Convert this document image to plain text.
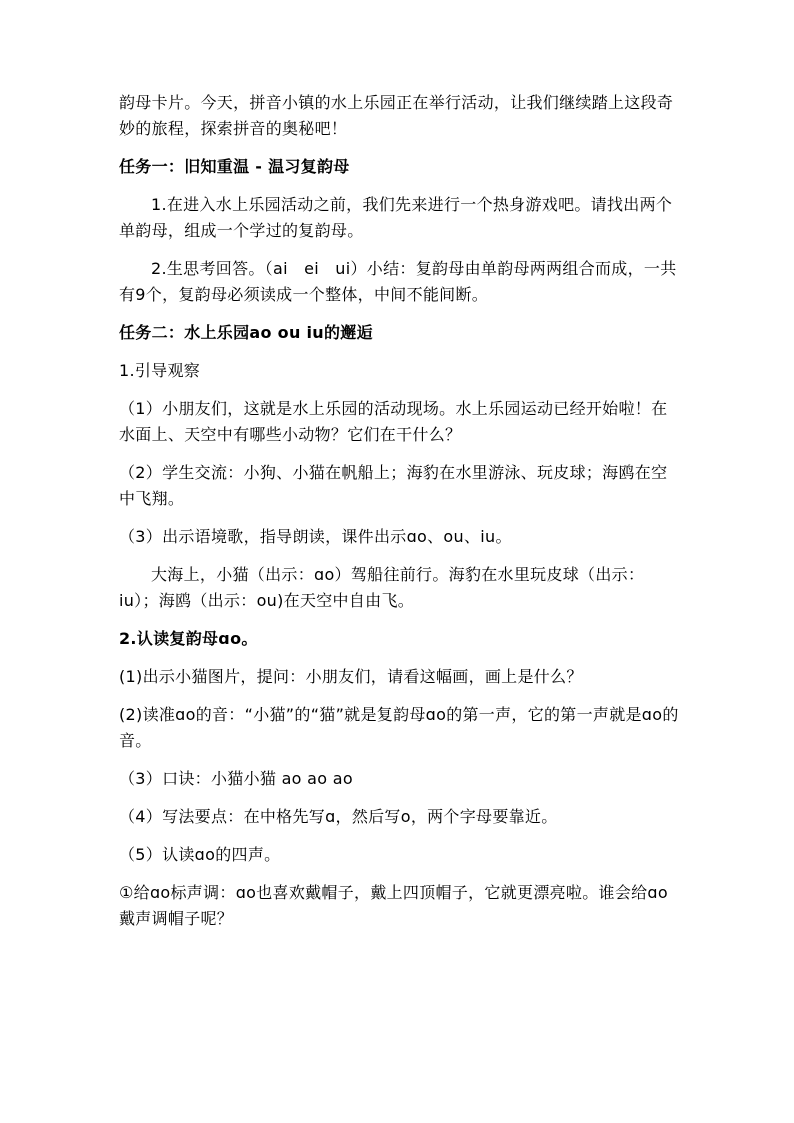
韵母卡片。今天，拼音小镇的水上乐园正在举行活动，让我们继续踏上这段奇妙的旅程，探索拼音的奥秘吧！

任务一：旧知重温 - 温习复韵母

1.在进入水上乐园活动之前，我们先来进行一个热身游戏吧。请找出两个单韵母，组成一个学过的复韵母。

2.生思考回答。（ai　ei　ui）小结：复韵母由单韵母两两组合而成，一共有9个，复韵母必须读成一个整体，中间不能间断。

任务二：水上乐园ao ou iu的邂逅

1.引导观察

（1）小朋友们，这就是水上乐园的活动现场。水上乐园运动已经开始啦！在水面上、天空中有哪些小动物？它们在干什么？

（2）学生交流：小狗、小猫在帆船上；海豹在水里游泳、玩皮球；海鸥在空中飞翔。

（3）出示语境歌，指导朗读，课件出示ɑo、ou、iu。

大海上，小猫（出示：ɑo）驾船往前行。海豹在水里玩皮球（出示：iu）；海鸥（出示：ou)在天空中自由飞。

2.认读复韵母ɑo。

(1)出示小猫图片，提问：小朋友们，请看这幅画，画上是什么？

(2)读准ɑo的音：“小猫”的“猫”就是复韵母ɑo的第一声，它的第一声就是ɑo的音。

（3）口诀：小猫小猫 ao ao ao

（4）写法要点：在中格先写ɑ，然后写o，两个字母要靠近。

（5）认读ɑo的四声。

①给ɑo标声调：ɑo也喜欢戴帽子，戴上四顶帽子，它就更漂亮啦。谁会给ɑo戴声调帽子呢？
